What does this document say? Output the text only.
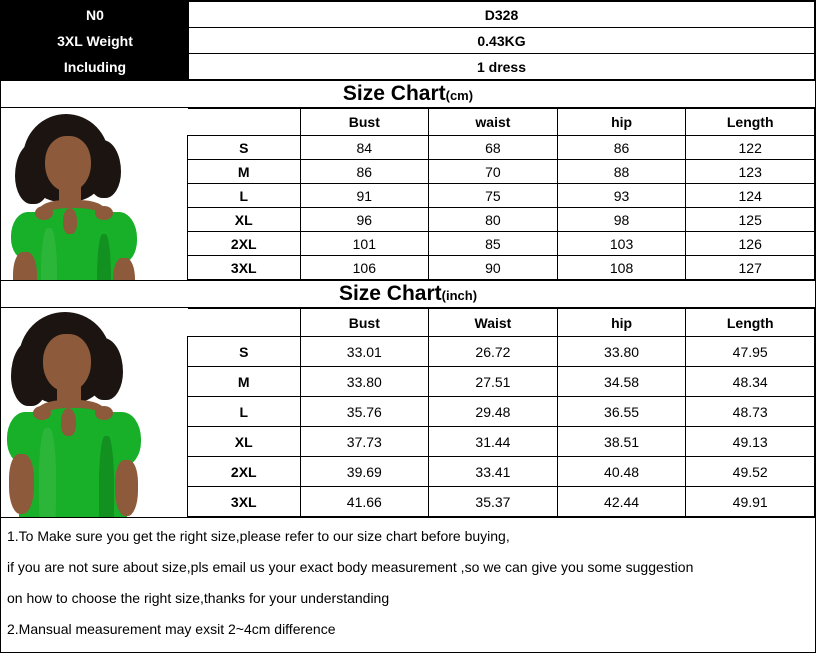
N0	D328
3XL Weight	0.43KG
Including	1 dress
Size Chart(cm)
	Bust	waist	hip	Length
S	84	68	86	122
M	86	70	88	123
L	91	75	93	124
XL	96	80	98	125
2XL	101	85	103	126
3XL	106	90	108	127
Size Chart(inch)
	Bust	Waist	hip	Length
S	33.01	26.72	33.80	47.95
M	33.80	27.51	34.58	48.34
L	35.76	29.48	36.55	48.73
XL	37.73	31.44	38.51	49.13
2XL	39.69	33.41	40.48	49.52
3XL	41.66	35.37	42.44	49.91

1.To Make sure you get the right size,please refer to our size chart before buying,

if you are not sure about size,pls email us your exact body measurement ,so we can give you some suggestion

on how to choose the right size,thanks for your understanding

2.Mansual measurement may exsit 2~4cm difference
